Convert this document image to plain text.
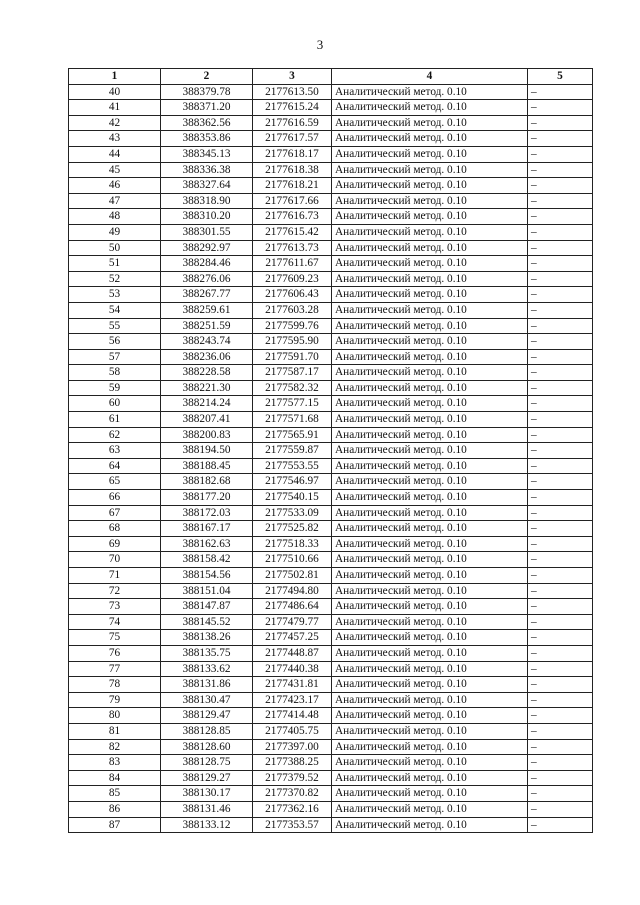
3
1	2	3	4	5
40	388379.78	2177613.50	Аналитический метод. 0.10	–
41	388371.20	2177615.24	Аналитический метод. 0.10	–
42	388362.56	2177616.59	Аналитический метод. 0.10	–
43	388353.86	2177617.57	Аналитический метод. 0.10	–
44	388345.13	2177618.17	Аналитический метод. 0.10	–
45	388336.38	2177618.38	Аналитический метод. 0.10	–
46	388327.64	2177618.21	Аналитический метод. 0.10	–
47	388318.90	2177617.66	Аналитический метод. 0.10	–
48	388310.20	2177616.73	Аналитический метод. 0.10	–
49	388301.55	2177615.42	Аналитический метод. 0.10	–
50	388292.97	2177613.73	Аналитический метод. 0.10	–
51	388284.46	2177611.67	Аналитический метод. 0.10	–
52	388276.06	2177609.23	Аналитический метод. 0.10	–
53	388267.77	2177606.43	Аналитический метод. 0.10	–
54	388259.61	2177603.28	Аналитический метод. 0.10	–
55	388251.59	2177599.76	Аналитический метод. 0.10	–
56	388243.74	2177595.90	Аналитический метод. 0.10	–
57	388236.06	2177591.70	Аналитический метод. 0.10	–
58	388228.58	2177587.17	Аналитический метод. 0.10	–
59	388221.30	2177582.32	Аналитический метод. 0.10	–
60	388214.24	2177577.15	Аналитический метод. 0.10	–
61	388207.41	2177571.68	Аналитический метод. 0.10	–
62	388200.83	2177565.91	Аналитический метод. 0.10	–
63	388194.50	2177559.87	Аналитический метод. 0.10	–
64	388188.45	2177553.55	Аналитический метод. 0.10	–
65	388182.68	2177546.97	Аналитический метод. 0.10	–
66	388177.20	2177540.15	Аналитический метод. 0.10	–
67	388172.03	2177533.09	Аналитический метод. 0.10	–
68	388167.17	2177525.82	Аналитический метод. 0.10	–
69	388162.63	2177518.33	Аналитический метод. 0.10	–
70	388158.42	2177510.66	Аналитический метод. 0.10	–
71	388154.56	2177502.81	Аналитический метод. 0.10	–
72	388151.04	2177494.80	Аналитический метод. 0.10	–
73	388147.87	2177486.64	Аналитический метод. 0.10	–
74	388145.52	2177479.77	Аналитический метод. 0.10	–
75	388138.26	2177457.25	Аналитический метод. 0.10	–
76	388135.75	2177448.87	Аналитический метод. 0.10	–
77	388133.62	2177440.38	Аналитический метод. 0.10	–
78	388131.86	2177431.81	Аналитический метод. 0.10	–
79	388130.47	2177423.17	Аналитический метод. 0.10	–
80	388129.47	2177414.48	Аналитический метод. 0.10	–
81	388128.85	2177405.75	Аналитический метод. 0.10	–
82	388128.60	2177397.00	Аналитический метод. 0.10	–
83	388128.75	2177388.25	Аналитический метод. 0.10	–
84	388129.27	2177379.52	Аналитический метод. 0.10	–
85	388130.17	2177370.82	Аналитический метод. 0.10	–
86	388131.46	2177362.16	Аналитический метод. 0.10	–
87	388133.12	2177353.57	Аналитический метод. 0.10	–
